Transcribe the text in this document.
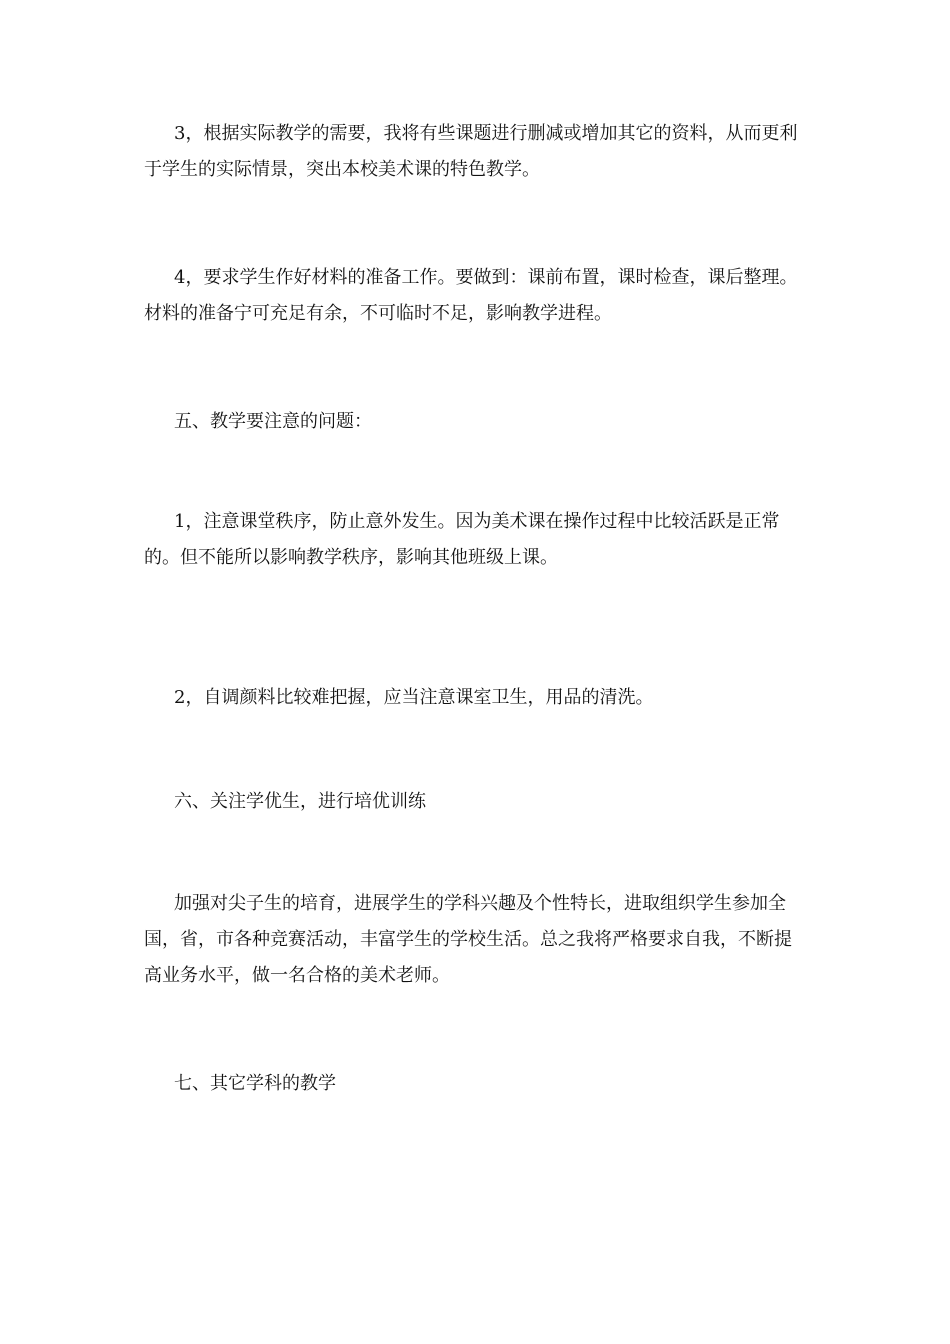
3，根据实际教学的需要，我将有些课题进行删减或增加其它的资料，从而更利于学生的实际情景，突出本校美术课的特色教学。

4，要求学生作好材料的准备工作。要做到：课前布置，课时检查，课后整理。材料的准备宁可充足有余，不可临时不足，影响教学进程。

五、教学要注意的问题：

1，注意课堂秩序，防止意外发生。因为美术课在操作过程中比较活跃是正常的。但不能所以影响教学秩序，影响其他班级上课。

2，自调颜料比较难把握，应当注意课室卫生，用品的清洗。

六、关注学优生，进行培优训练

加强对尖子生的培育，进展学生的学科兴趣及个性特长，进取组织学生参加全国，省，市各种竞赛活动，丰富学生的学校生活。总之我将严格要求自我，不断提高业务水平，做一名合格的美术老师。

七、其它学科的教学
